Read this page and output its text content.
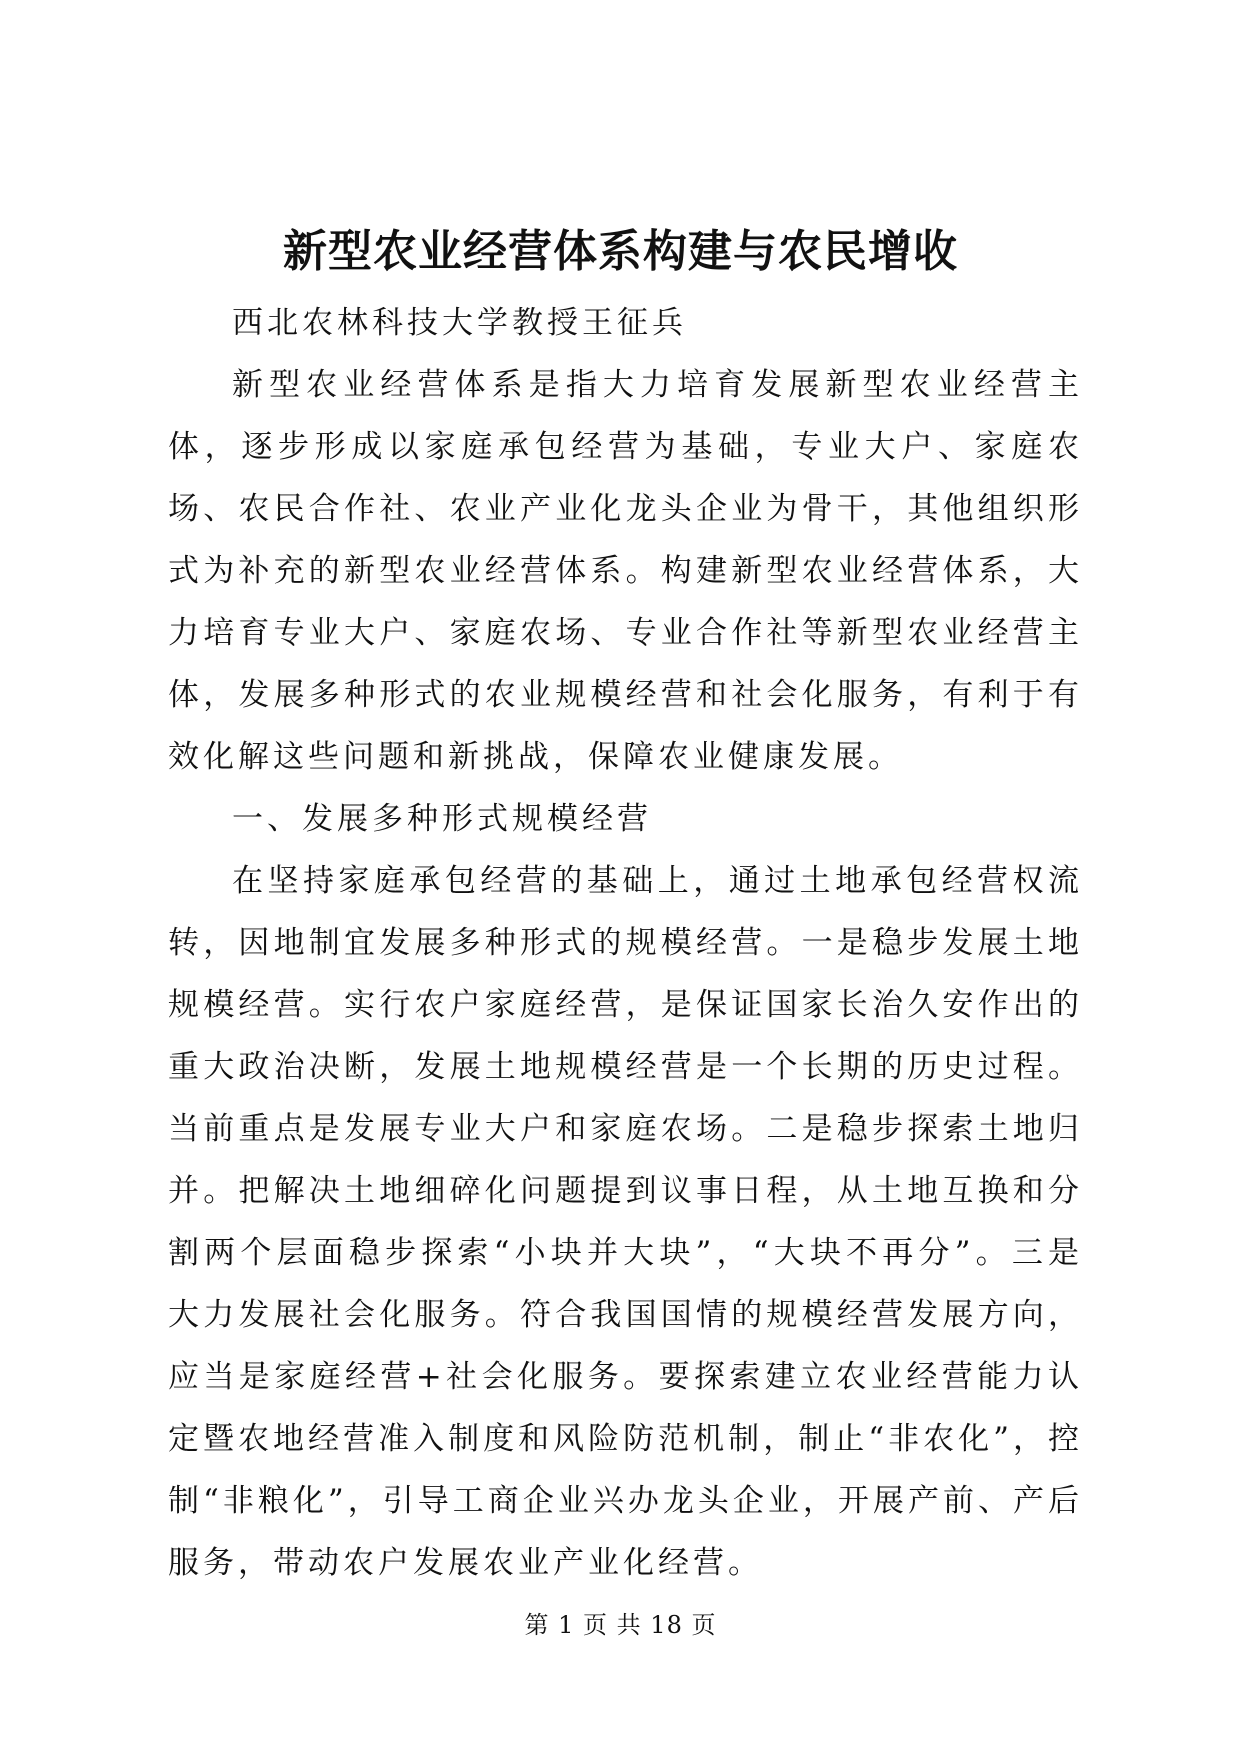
新型农业经营体系构建与农民增收

西北农林科技大学教授王征兵

新型农业经营体系是指大力培育发展新型农业经营主体，逐步形成以家庭承包经营为基础，专业大户、家庭农场、农民合作社、农业产业化龙头企业为骨干，其他组织形式为补充的新型农业经营体系。构建新型农业经营体系，大力培育专业大户、家庭农场、专业合作社等新型农业经营主体，发展多种形式的农业规模经营和社会化服务，有利于有效化解这些问题和新挑战，保障农业健康发展。

一、发展多种形式规模经营

在坚持家庭承包经营的基础上，通过土地承包经营权流转，因地制宜发展多种形式的规模经营。一是稳步发展土地规模经营。实行农户家庭经营，是保证国家长治久安作出的重大政治决断，发展土地规模经营是一个长期的历史过程。当前重点是发展专业大户和家庭农场。二是稳步探索土地归并。把解决土地细碎化问题提到议事日程，从土地互换和分割两个层面稳步探索“小块并大块”，“大块不再分”。三是大力发展社会化服务。符合我国国情的规模经营发展方向，应当是家庭经营+社会化服务。要探索建立农业经营能力认定暨农地经营准入制度和风险防范机制，制止“非农化”，控制“非粮化”，引导工商企业兴办龙头企业，开展产前、产后服务，带动农户发展农业产业化经营。

第 1 页 共 18 页
